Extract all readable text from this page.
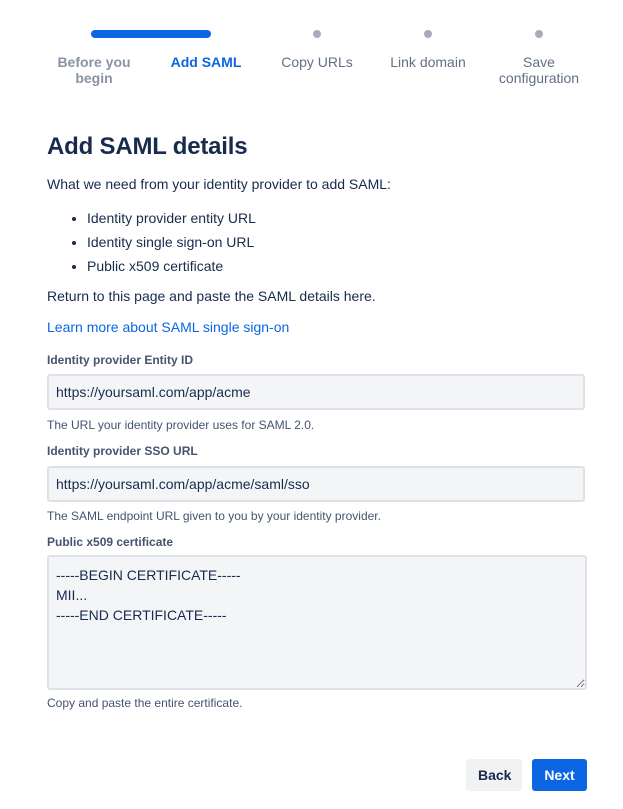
Before you begin
Add SAML	Copy URLs	Link domain	Save configuration
Add SAML details

What we need from your identity provider to add SAML:

• Identity provider entity URL
• Identity single sign-on URL
• Public x509 certificate

Return to this page and paste the SAML details here.

Learn more about SAML single sign-on
Identity provider Entity ID
https://yoursaml.com/app/acme
The URL your identity provider uses for SAML 2.0.
Identity provider SSO URL
https://yoursaml.com/app/acme/saml/sso
The SAML endpoint URL given to you by your identity provider.
Public x509 certificate
-----BEGIN CERTIFICATE----- MII... -----END CERTIFICATE-----
Copy and paste the entire certificate.
Back	Next
